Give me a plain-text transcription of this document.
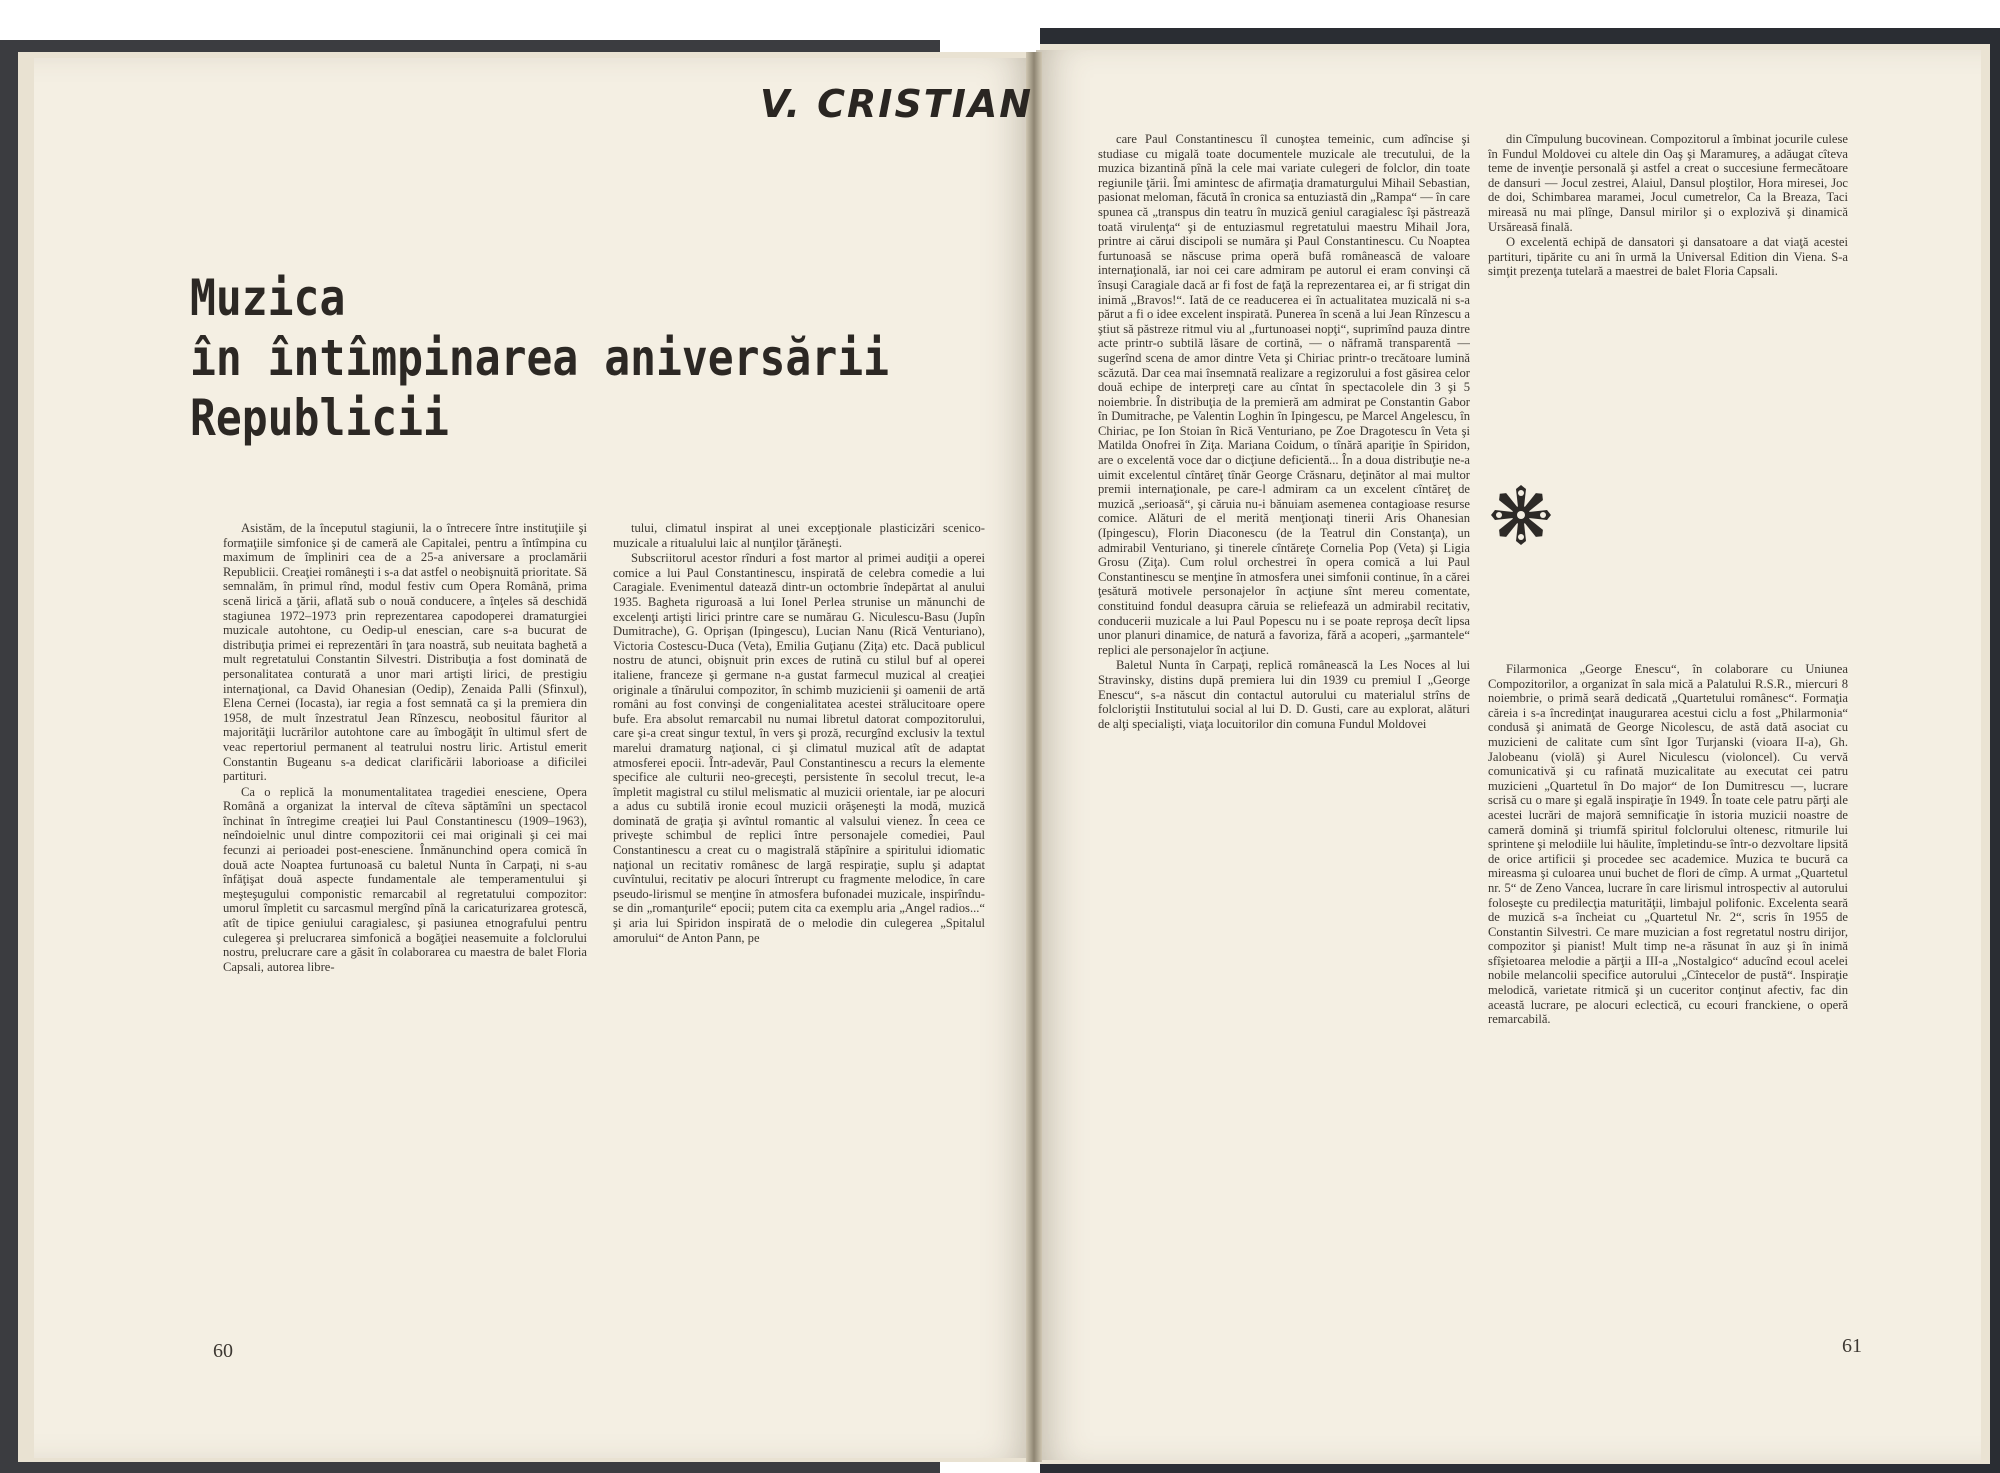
V. CRISTIAN
Muzica
în întîmpinarea aniversării
Republicii

Asistăm, de la începutul stagiunii, la o întrecere între instituţiile şi formaţiile simfonice şi de cameră ale Capitalei, pentru a întîmpina cu maximum de împliniri cea de a 25-a aniversare a proclamării Republicii. Creaţiei româneşti i s-a dat astfel o neobişnuită prioritate. Să semnalăm, în primul rînd, modul festiv cum Opera Română, prima scenă lirică a ţării, aflată sub o nouă conducere, a înţeles să deschidă stagiunea 1972–1973 prin reprezentarea capodoperei dramaturgiei muzicale autohtone, cu Oedip-ul enescian, care s-a bucurat de distribuţia primei ei reprezentări în ţara noastră, sub neuitata baghetă a mult regretatului Constantin Silvestri. Distribuţia a fost dominată de personalitatea conturată a unor mari artişti lirici, de prestigiu internaţional, ca David Ohanesian (Oedip), Zenaida Palli (Sfinxul), Elena Cernei (Iocasta), iar regia a fost semnată ca şi la premiera din 1958, de mult înzestratul Jean Rînzescu, neobositul făuritor al majorităţii lucrărilor autohtone care au îmbogăţit în ultimul sfert de veac repertoriul permanent al teatrului nostru liric. Artistul emerit Constantin Bugeanu s-a dedicat clarificării laborioase a dificilei partituri.

Ca o replică la monumentalitatea tragediei enesciene, Opera Română a organizat la interval de cîteva săptămîni un spectacol închinat în întregime creaţiei lui Paul Constantinescu (1909–1963), neîndoielnic unul dintre compozitorii cei mai originali şi cei mai fecunzi ai perioadei post-enesciene. Înmănunchind opera comică în două acte Noaptea furtunoasă cu baletul Nunta în Carpaţi, ni s-au înfăţişat două aspecte fundamentale ale temperamentului şi meşteşugului componistic remarcabil al regretatului compozitor: umorul împletit cu sarcasmul mergînd pînă la caricaturizarea grotescă, atît de tipice geniului caragialesc, şi pasiunea etnografului pentru culegerea şi prelucrarea simfonică a bogăţiei neasemuite a folclorului nostru, prelucrare care a găsit în colaborarea cu maestra de balet Floria Capsali, autorea libre-

tului, climatul inspirat al unei excepţionale plasticizări scenico-muzicale a ritualului laic al nunţilor ţărăneşti.

Subscriitorul acestor rînduri a fost martor al primei audiţii a operei comice a lui Paul Constantinescu, inspirată de celebra comedie a lui Caragiale. Evenimentul datează dintr-un octombrie îndepărtat al anului 1935. Bagheta riguroasă a lui Ionel Perlea strunise un mănunchi de excelenţi artişti lirici printre care se numărau G. Niculescu-Basu (Jupîn Dumitrache), G. Oprişan (Ipingescu), Lucian Nanu (Rică Venturiano), Victoria Costescu-Duca (Veta), Emilia Guţianu (Ziţa) etc. Dacă publicul nostru de atunci, obişnuit prin exces de rutină cu stilul buf al operei italiene, franceze şi germane n-a gustat farmecul muzical al creaţiei originale a tînărului compozitor, în schimb muzicienii şi oamenii de artă români au fost convinşi de congenialitatea acestei strălucitoare opere bufe. Era absolut remarcabil nu numai libretul datorat compozitorului, care şi-a creat singur textul, în vers şi proză, recurgînd exclusiv la textul marelui dramaturg naţional, ci şi climatul muzical atît de adaptat atmosferei epocii. Într-adevăr, Paul Constantinescu a recurs la elemente specifice ale culturii neo-greceşti, persistente în secolul trecut, le-a împletit magistral cu stilul melismatic al muzicii orientale, iar pe alocuri a adus cu subtilă ironie ecoul muzicii orăşeneşti la modă, muzică dominată de graţia şi avîntul romantic al valsului vienez. În ceea ce priveşte schimbul de replici între personajele comediei, Paul Constantinescu a creat cu o magistrală stăpînire a spiritului idiomatic naţional un recitativ românesc de largă respiraţie, suplu şi adaptat cuvîntului, recitativ pe alocuri întrerupt cu fragmente melodice, în care pseudo-lirismul se menţine în atmosfera bufonadei muzicale, inspirîndu-se din „romanţurile“ epocii; putem cita ca exemplu aria „Angel radios...“ şi aria lui Spiridon inspirată de o melodie din culegerea „Spitalul amorului“ de Anton Pann, pe

care Paul Constantinescu îl cunoştea temeinic, cum adîncise şi studiase cu migală toate documentele muzicale ale trecutului, de la muzica bizantină pînă la cele mai variate culegeri de folclor, din toate regiunile ţării. Îmi amintesc de afirmaţia dramaturgului Mihail Sebastian, pasionat meloman, făcută în cronica sa entuziastă din „Rampa“ — în care spunea că „transpus din teatru în muzică geniul caragialesc îşi păstrează toată virulenţa“ şi de entuziasmul regretatului maestru Mihail Jora, printre ai cărui discipoli se număra şi Paul Constantinescu. Cu Noaptea furtunoasă se născuse prima operă bufă românească de valoare internaţională, iar noi cei care admiram pe autorul ei eram convinşi că însuşi Caragiale dacă ar fi fost de faţă la reprezentarea ei, ar fi strigat din inimă „Bravos!“. Iată de ce readucerea ei în actualitatea muzicală ni s-a părut a fi o idee excelent inspirată. Punerea în scenă a lui Jean Rînzescu a ştiut să păstreze ritmul viu al „furtunoasei nopţi“, suprimînd pauza dintre acte printr-o subtilă lăsare de cortină, — o năframă transparentă — sugerînd scena de amor dintre Veta şi Chiriac printr-o trecătoare lumină scăzută. Dar cea mai însemnată realizare a regizorului a fost găsirea celor două echipe de interpreţi care au cîntat în spectacolele din 3 şi 5 noiembrie. În distribuţia de la premieră am admirat pe Constantin Gabor în Dumitrache, pe Valentin Loghin în Ipingescu, pe Marcel Angelescu, în Chiriac, pe Ion Stoian în Rică Venturiano, pe Zoe Dragotescu în Veta şi Matilda Onofrei în Ziţa. Mariana Coidum, o tînără apariţie în Spiridon, are o excelentă voce dar o dicţiune deficientă... În a doua distribuţie ne-a uimit excelentul cîntăreţ tînăr George Crăsnaru, deţinător al mai multor premii internaţionale, pe care-l admiram ca un excelent cîntăreţ de muzică „serioasă“, şi căruia nu-i bănuiam asemenea contagioase resurse comice. Alături de el merită menţionaţi tinerii Aris Ohanesian (Ipingescu), Florin Diaconescu (de la Teatrul din Constanţa), un admirabil Venturiano, şi tinerele cîntăreţe Cornelia Pop (Veta) şi Ligia Grosu (Ziţa). Cum rolul orchestrei în opera comică a lui Paul Constantinescu se menţine în atmosfera unei simfonii continue, în a cărei ţesătură motivele personajelor în acţiune sînt mereu comentate, constituind fondul deasupra căruia se reliefează un admirabil recitativ, conducerii muzicale a lui Paul Popescu nu i se poate reproşa decît lipsa unor planuri dinamice, de natură a favoriza, fără a acoperi, „şarmantele“ replici ale personajelor în acţiune.

Baletul Nunta în Carpaţi, replică românească la Les Noces al lui Stravinsky, distins după premiera lui din 1939 cu premiul I „George Enescu“, s-a născut din contactul autorului cu materialul strîns de folcloriştii Institutului social al lui D. D. Gusti, care au explorat, alături de alţi specialişti, viaţa locuitorilor din comuna Fundul Moldovei

din Cîmpulung bucovinean. Compozitorul a îmbinat jocurile culese în Fundul Moldovei cu altele din Oaş şi Maramureş, a adăugat cîteva teme de invenţie personală şi astfel a creat o succesiune fermecătoare de dansuri — Jocul zestrei, Alaiul, Dansul ploştilor, Hora miresei, Joc de doi, Schimbarea maramei, Jocul cumetrelor, Ca la Breaza, Taci mireasă nu mai plînge, Dansul mirilor şi o explozivă şi dinamică Ursăreasă finală.

O excelentă echipă de dansatori şi dansatoare a dat viaţă acestei partituri, tipărite cu ani în urmă la Universal Edition din Viena. S-a simţit prezenţa tutelară a maestrei de balet Floria Capsali.

Filarmonica „George Enescu“, în colaborare cu Uniunea Compozitorilor, a organizat în sala mică a Palatului R.S.R., miercuri 8 noiembrie, o primă seară dedicată „Quartetului românesc“. Formaţia căreia i s-a încredinţat inaugurarea acestui ciclu a fost „Philarmonia“ condusă şi animată de George Nicolescu, de astă dată asociat cu muzicieni de calitate cum sînt Igor Turjanski (vioara II-a), Gh. Jalobeanu (violă) şi Aurel Niculescu (violoncel). Cu vervă comunicativă şi cu rafinată muzicalitate au executat cei patru muzicieni „Quartetul în Do major“ de Ion Dumitrescu —, lucrare scrisă cu o mare şi egală inspiraţie în 1949. În toate cele patru părţi ale acestei lucrări de majoră semnificaţie în istoria muzicii noastre de cameră domină şi triumfă spiritul folclorului oltenesc, ritmurile lui sprintene şi melodiile lui hăulite, împletindu-se într-o dezvoltare lipsită de orice artificii şi procedee sec academice. Muzica te bucură ca mireasma şi culoarea unui buchet de flori de cîmp. A urmat „Quartetul nr. 5“ de Zeno Vancea, lucrare în care lirismul introspectiv al autorului foloseşte cu predilecţia maturităţii, limbajul polifonic. Excelenta seară de muzică s-a încheiat cu „Quartetul Nr. 2“, scris în 1955 de Constantin Silvestri. Ce mare muzician a fost regretatul nostru dirijor, compozitor şi pianist! Mult timp ne-a răsunat în auz şi în inimă sfîşietoarea melodie a părţii a III-a „Nostalgico“ aducînd ecoul acelei nobile melancolii specifice autorului „Cîntecelor de pustă“. Inspiraţie melodică, varietate ritmică şi un cuceritor conţinut afectiv, fac din această lucrare, pe alocuri eclectică, cu ecouri franckiene, o operă remarcabilă.

60	61
